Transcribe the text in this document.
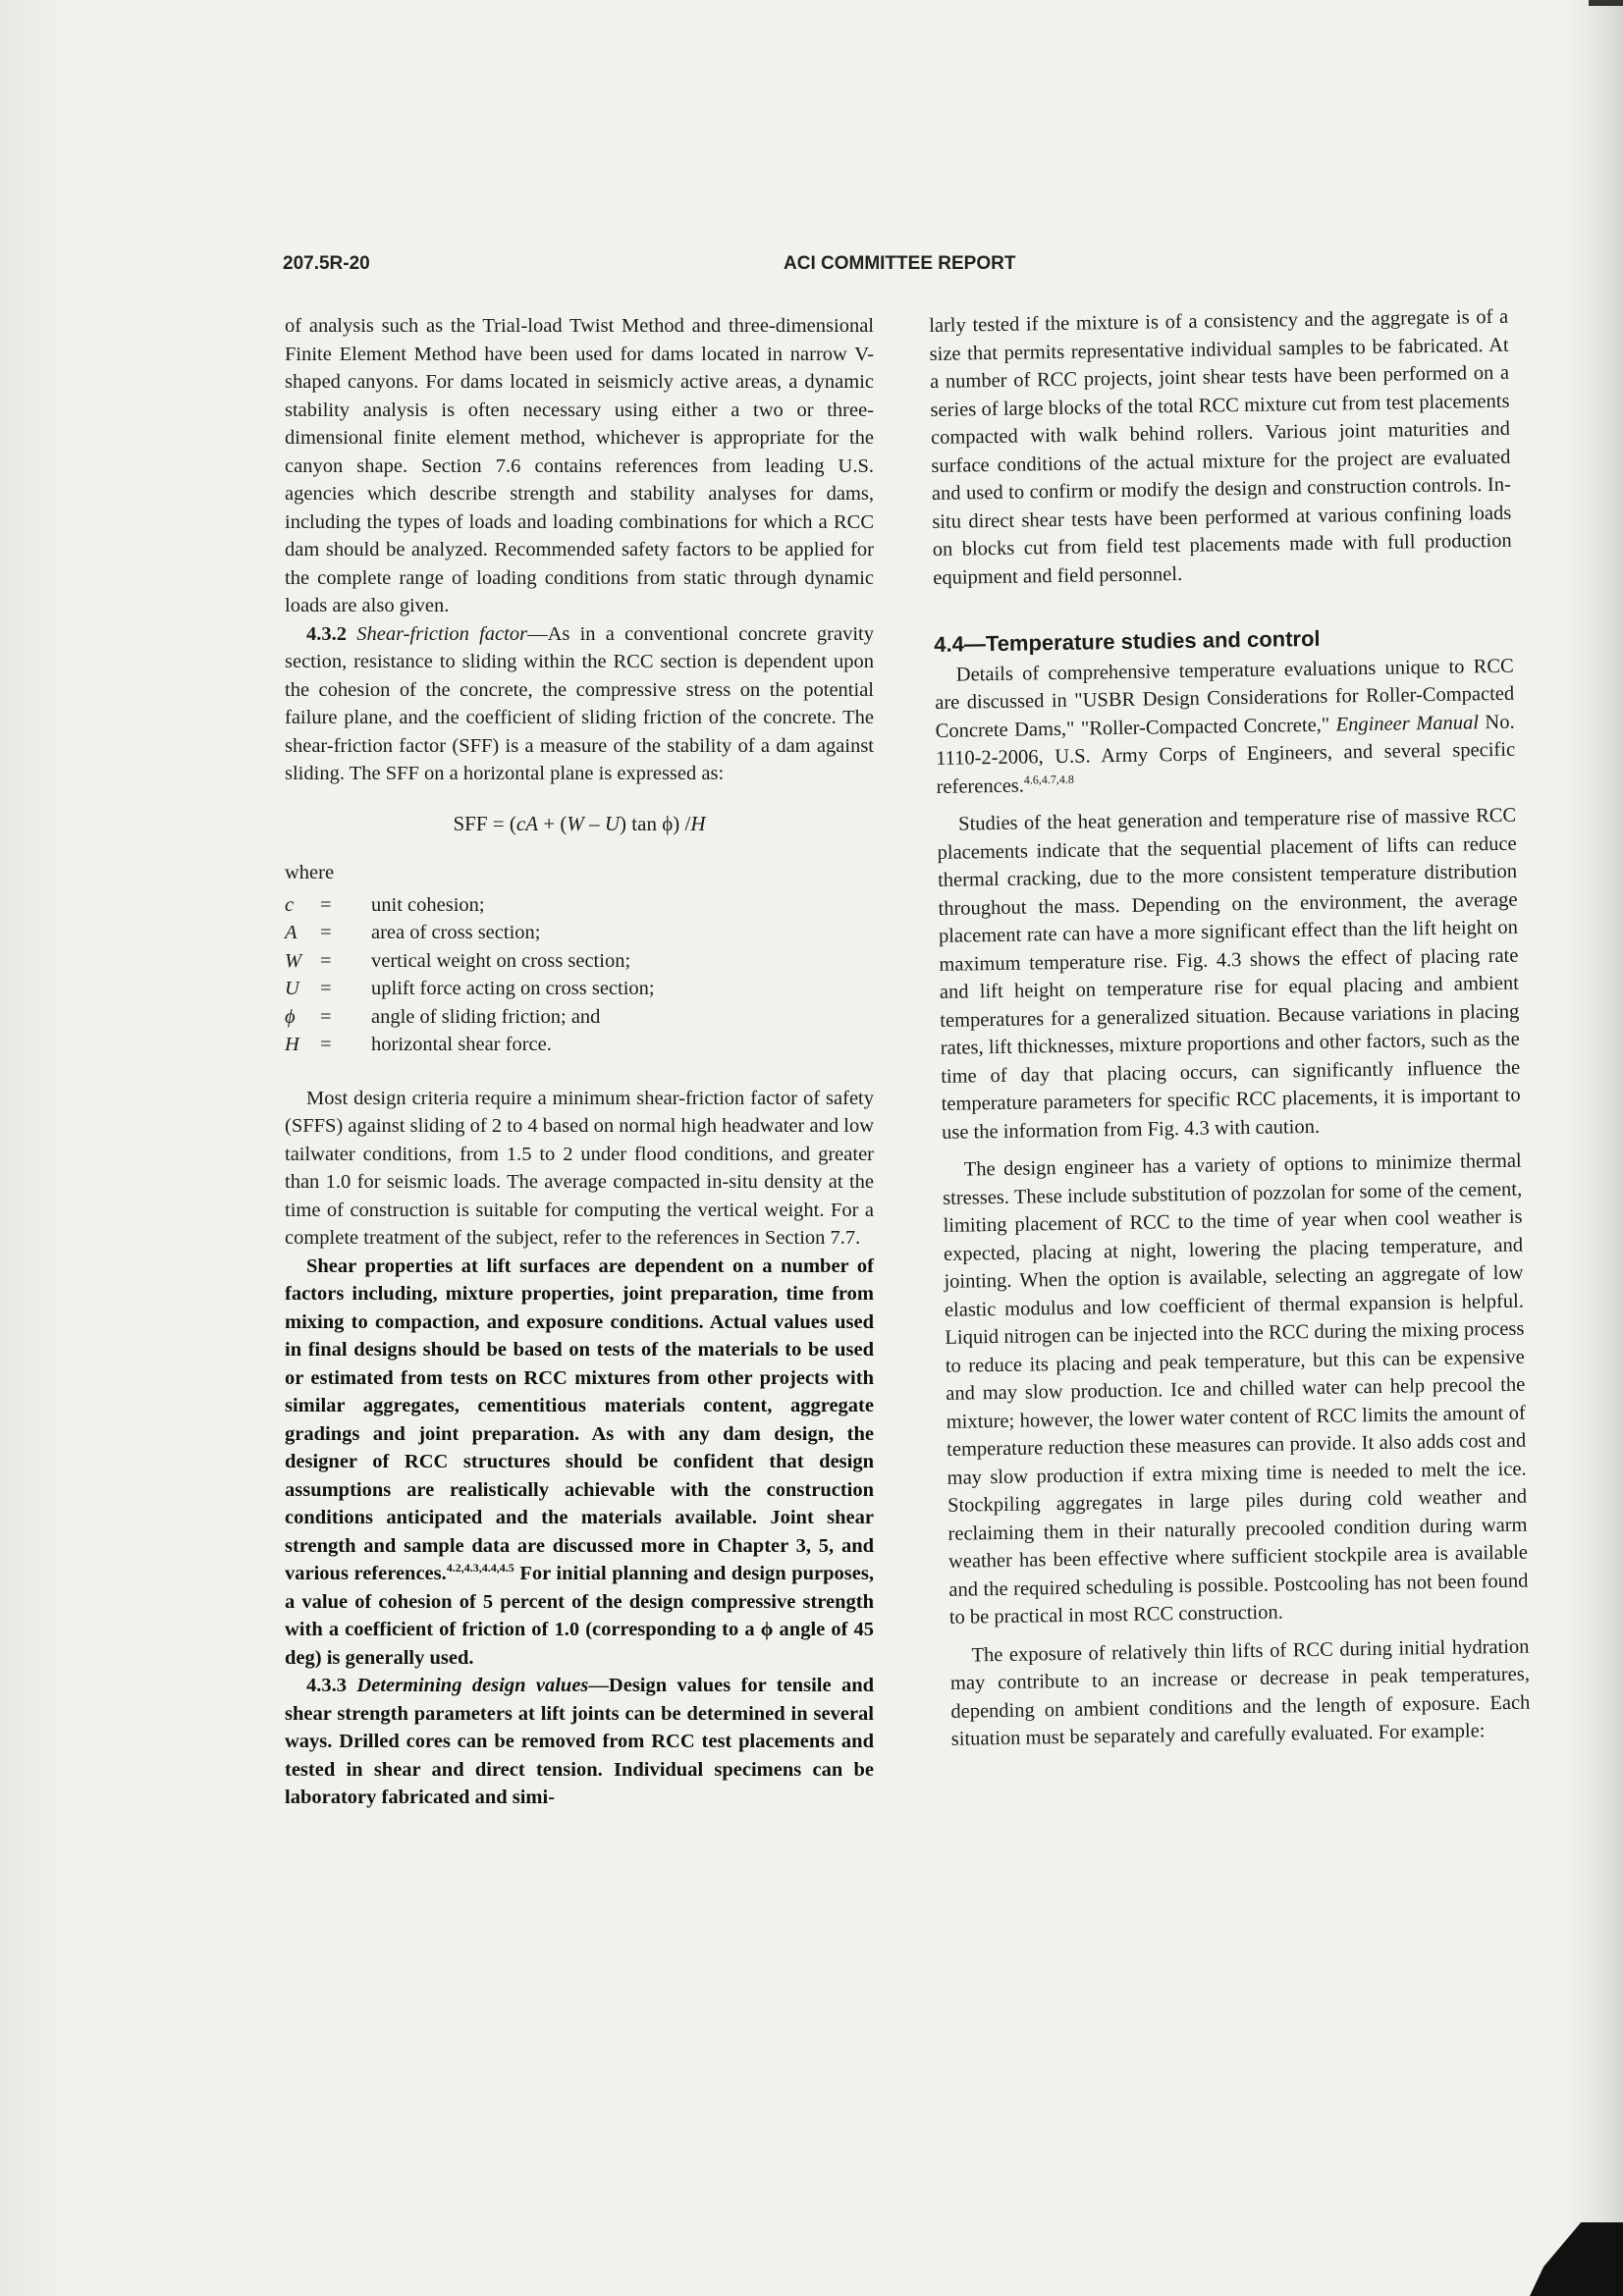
207.5R-20	ACI COMMITTEE REPORT

of analysis such as the Trial-load Twist Method and three-dimensional Finite Element Method have been used for dams located in narrow V-shaped canyons. For dams located in seismicly active areas, a dynamic stability analysis is often necessary using either a two or three-dimensional finite element method, whichever is appropriate for the canyon shape. Section 7.6 contains references from leading U.S. agencies which describe strength and stability analyses for dams, including the types of loads and loading combinations for which a RCC dam should be analyzed. Recommended safety factors to be applied for the complete range of loading conditions from static through dynamic loads are also given.

4.3.2 Shear-friction factor—As in a conventional concrete gravity section, resistance to sliding within the RCC section is dependent upon the cohesion of the concrete, the compressive stress on the potential failure plane, and the coefficient of sliding friction of the concrete. The shear-friction factor (SFF) is a measure of the stability of a dam against sliding. The SFF on a horizontal plane is expressed as:

SFF = (cA + (W – U) tan ϕ) /H
where
c	=	unit cohesion;
A	=	area of cross section;
W	=	vertical weight on cross section;
U	=	uplift force acting on cross section;
ϕ	=	angle of sliding friction; and
H	=	horizontal shear force.

Most design criteria require a minimum shear-friction factor of safety (SFFS) against sliding of 2 to 4 based on normal high headwater and low tailwater conditions, from 1.5 to 2 under flood conditions, and greater than 1.0 for seismic loads. The average compacted in-situ density at the time of construction is suitable for computing the vertical weight. For a complete treatment of the subject, refer to the references in Section 7.7.

Shear properties at lift surfaces are dependent on a number of factors including, mixture properties, joint preparation, time from mixing to compaction, and exposure conditions. Actual values used in final designs should be based on tests of the materials to be used or estimated from tests on RCC mixtures from other projects with similar aggregates, cementitious materials content, aggregate gradings and joint preparation. As with any dam design, the designer of RCC structures should be confident that design assumptions are realistically achievable with the construction conditions anticipated and the materials available. Joint shear strength and sample data are discussed more in Chapter 3, 5, and various references.$^{4.2,4.3,4.4,4.5}$ For initial planning and design purposes, a value of cohesion of 5 percent of the design compressive strength with a coefficient of friction of 1.0 (corresponding to a ϕ angle of 45 deg) is generally used.

4.3.3 Determining design values—Design values for tensile and shear strength parameters at lift joints can be determined in several ways. Drilled cores can be removed from RCC test placements and tested in shear and direct tension. Individual specimens can be laboratory fabricated and simi-

larly tested if the mixture is of a consistency and the aggregate is of a size that permits representative individual samples to be fabricated. At a number of RCC projects, joint shear tests have been performed on a series of large blocks of the total RCC mixture cut from test placements compacted with walk behind rollers. Various joint maturities and surface conditions of the actual mixture for the project are evaluated and used to confirm or modify the design and construction controls. In-situ direct shear tests have been performed at various confining loads on blocks cut from field test placements made with full production equipment and field personnel.

4.4—Temperature studies and control

Details of comprehensive temperature evaluations unique to RCC are discussed in "USBR Design Considerations for Roller-Compacted Concrete Dams," "Roller-Compacted Concrete," Engineer Manual No. 1110-2-2006, U.S. Army Corps of Engineers, and several specific references.$^{4.6,4.7,4.8}$

Studies of the heat generation and temperature rise of massive RCC placements indicate that the sequential placement of lifts can reduce thermal cracking, due to the more consistent temperature distribution throughout the mass. Depending on the environment, the average placement rate can have a more significant effect than the lift height on maximum temperature rise. Fig. 4.3 shows the effect of placing rate and lift height on temperature rise for equal placing and ambient temperatures for a generalized situation. Because variations in placing rates, lift thicknesses, mixture proportions and other factors, such as the time of day that placing occurs, can significantly influence the temperature parameters for specific RCC placements, it is important to use the information from Fig. 4.3 with caution.

The design engineer has a variety of options to minimize thermal stresses. These include substitution of pozzolan for some of the cement, limiting placement of RCC to the time of year when cool weather is expected, placing at night, lowering the placing temperature, and jointing. When the option is available, selecting an aggregate of low elastic modulus and low coefficient of thermal expansion is helpful. Liquid nitrogen can be injected into the RCC during the mixing process to reduce its placing and peak temperature, but this can be expensive and may slow production. Ice and chilled water can help precool the mixture; however, the lower water content of RCC limits the amount of temperature reduction these measures can provide. It also adds cost and may slow production if extra mixing time is needed to melt the ice. Stockpiling aggregates in large piles during cold weather and reclaiming them in their naturally precooled condition during warm weather has been effective where sufficient stockpile area is available and the required scheduling is possible. Postcooling has not been found to be practical in most RCC construction.

The exposure of relatively thin lifts of RCC during initial hydration may contribute to an increase or decrease in peak temperatures, depending on ambient conditions and the length of exposure. Each situation must be separately and carefully evaluated. For example:
